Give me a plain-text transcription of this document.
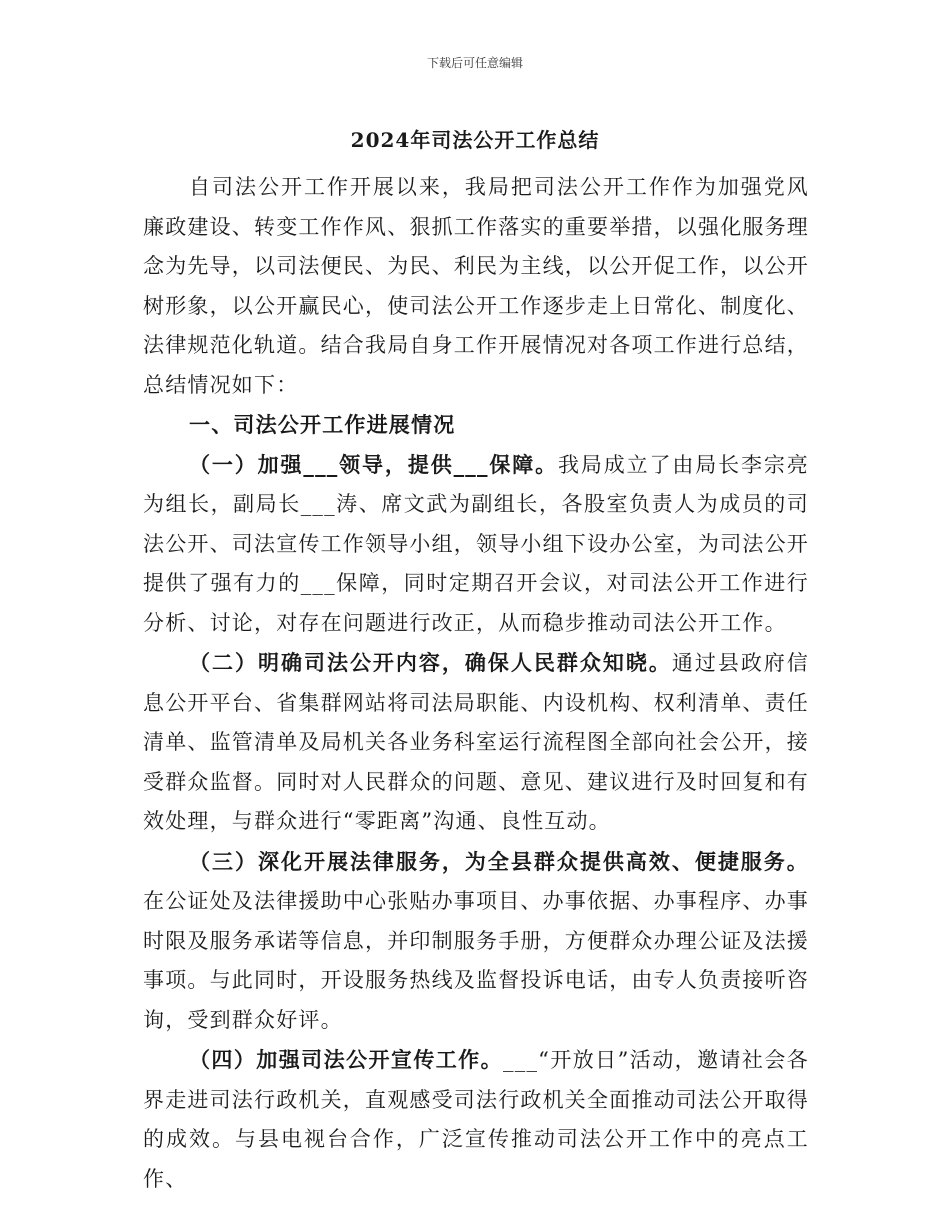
下载后可任意编辑
2024年司法公开工作总结

自司法公开工作开展以来，我局把司法公开工作作为加强党风廉政建设、转变工作作风、狠抓工作落实的重要举措，以强化服务理念为先导，以司法便民、为民、利民为主线，以公开促工作，以公开树形象，以公开赢民心，使司法公开工作逐步走上日常化、制度化、法律规范化轨道。结合我局自身工作开展情况对各项工作进行总结，总结情况如下：

一、司法公开工作进展情况

（一）加强___领导，提供___保障。我局成立了由局长李宗亮为组长，副局长___涛、席文武为副组长，各股室负责人为成员的司法公开、司法宣传工作领导小组，领导小组下设办公室，为司法公开提供了强有力的___保障，同时定期召开会议，对司法公开工作进行分析、讨论，对存在问题进行改正，从而稳步推动司法公开工作。

（二）明确司法公开内容，确保人民群众知晓。通过县政府信息公开平台、省集群网站将司法局职能、内设机构、权利清单、责任清单、监管清单及局机关各业务科室运行流程图全部向社会公开，接受群众监督。同时对人民群众的问题、意见、建议进行及时回复和有效处理，与群众进行“零距离”沟通、良性互动。

（三）深化开展法律服务，为全县群众提供高效、便捷服务。在公证处及法律援助中心张贴办事项目、办事依据、办事程序、办事时限及服务承诺等信息，并印制服务手册，方便群众办理公证及法援事项。与此同时，开设服务热线及监督投诉电话，由专人负责接听咨询，受到群众好评。

（四）加强司法公开宣传工作。___“开放日”活动，邀请社会各界走进司法行政机关，直观感受司法行政机关全面推动司法公开取得的成效。与县电视台合作，广泛宣传推动司法公开工作中的亮点工作、
